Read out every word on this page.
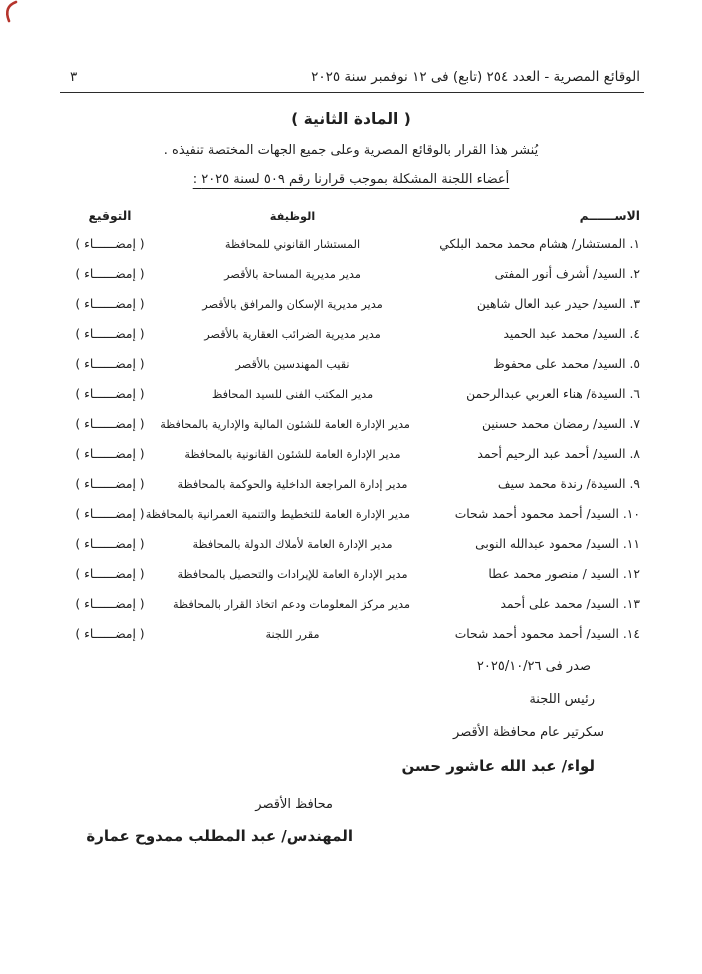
الوقائع المصرية - العدد ٢٥٤ (تابع) فى ١٢ نوفمبر سنة ٢٠٢٥
٣
( المادة الثانية )

يُنشر هذا القرار بالوقائع المصرية وعلى جميع الجهات المختصة تنفيذه .

أعضاء اللجنة المشكلة بموجب قرارنا رقم ٥٠٩ لسنة ٢٠٢٥ :

الاســــــم
الوظيفة
التوقيع
١. المستشار/ هشام محمد محمد البلكي
المستشار القانوني للمحافظة
( إمضــــــاء )
٢. السيد/ أشرف أنور المفتى
مدير مديرية المساحة بالأقصر
( إمضــــــاء )
٣. السيد/ حيدر عبد العال شاهين
مدير مديرية الإسكان والمرافق بالأقصر
( إمضــــــاء )
٤. السيد/ محمد عبد الحميد
مدير مديرية الضرائب العقارية بالأقصر
( إمضــــــاء )
٥. السيد/ محمد على محفوظ
نقيب المهندسين بالأقصر
( إمضــــــاء )
٦. السيدة/ هناء العربي عبدالرحمن
مدير المكتب الفنى للسيد المحافظ
( إمضــــــاء )
٧. السيد/ رمضان محمد حسنين
مدير الإدارة العامة للشئون المالية والإدارية بالمحافظة
( إمضــــــاء )
٨. السيد/ أحمد عبد الرحيم أحمد
مدير الإدارة العامة للشئون القانونية بالمحافظة
( إمضــــــاء )
٩. السيدة/ رندة محمد سيف
مدير إدارة المراجعة الداخلية والحوكمة بالمحافظة
( إمضــــــاء )
١٠. السيد/ أحمد محمود أحمد شحات
مدير الإدارة العامة للتخطيط والتنمية العمرانية بالمحافظة
( إمضــــــاء )
١١. السيد/ محمود عبدالله النوبى
مدير الإدارة العامة لأملاك الدولة بالمحافظة
( إمضــــــاء )
١٢. السيد / منصور محمد عطا
مدير الإدارة العامة للإيرادات والتحصيل بالمحافظة
( إمضــــــاء )
١٣. السيد/ محمد على أحمد
مدير مركز المعلومات ودعم اتخاذ القرار بالمحافظة
( إمضــــــاء )
١٤. السيد/ أحمد محمود أحمد شحات
مقرر اللجنة
( إمضــــــاء )
صدر فى ٢٠٢٥/١٠/٢٦
رئيس اللجنة
سكرتير عام محافظة الأقصر
لواء/ عبد الله عاشور حسن
محافظ الأقصر
المهندس/ عبد المطلب ممدوح عمارة
